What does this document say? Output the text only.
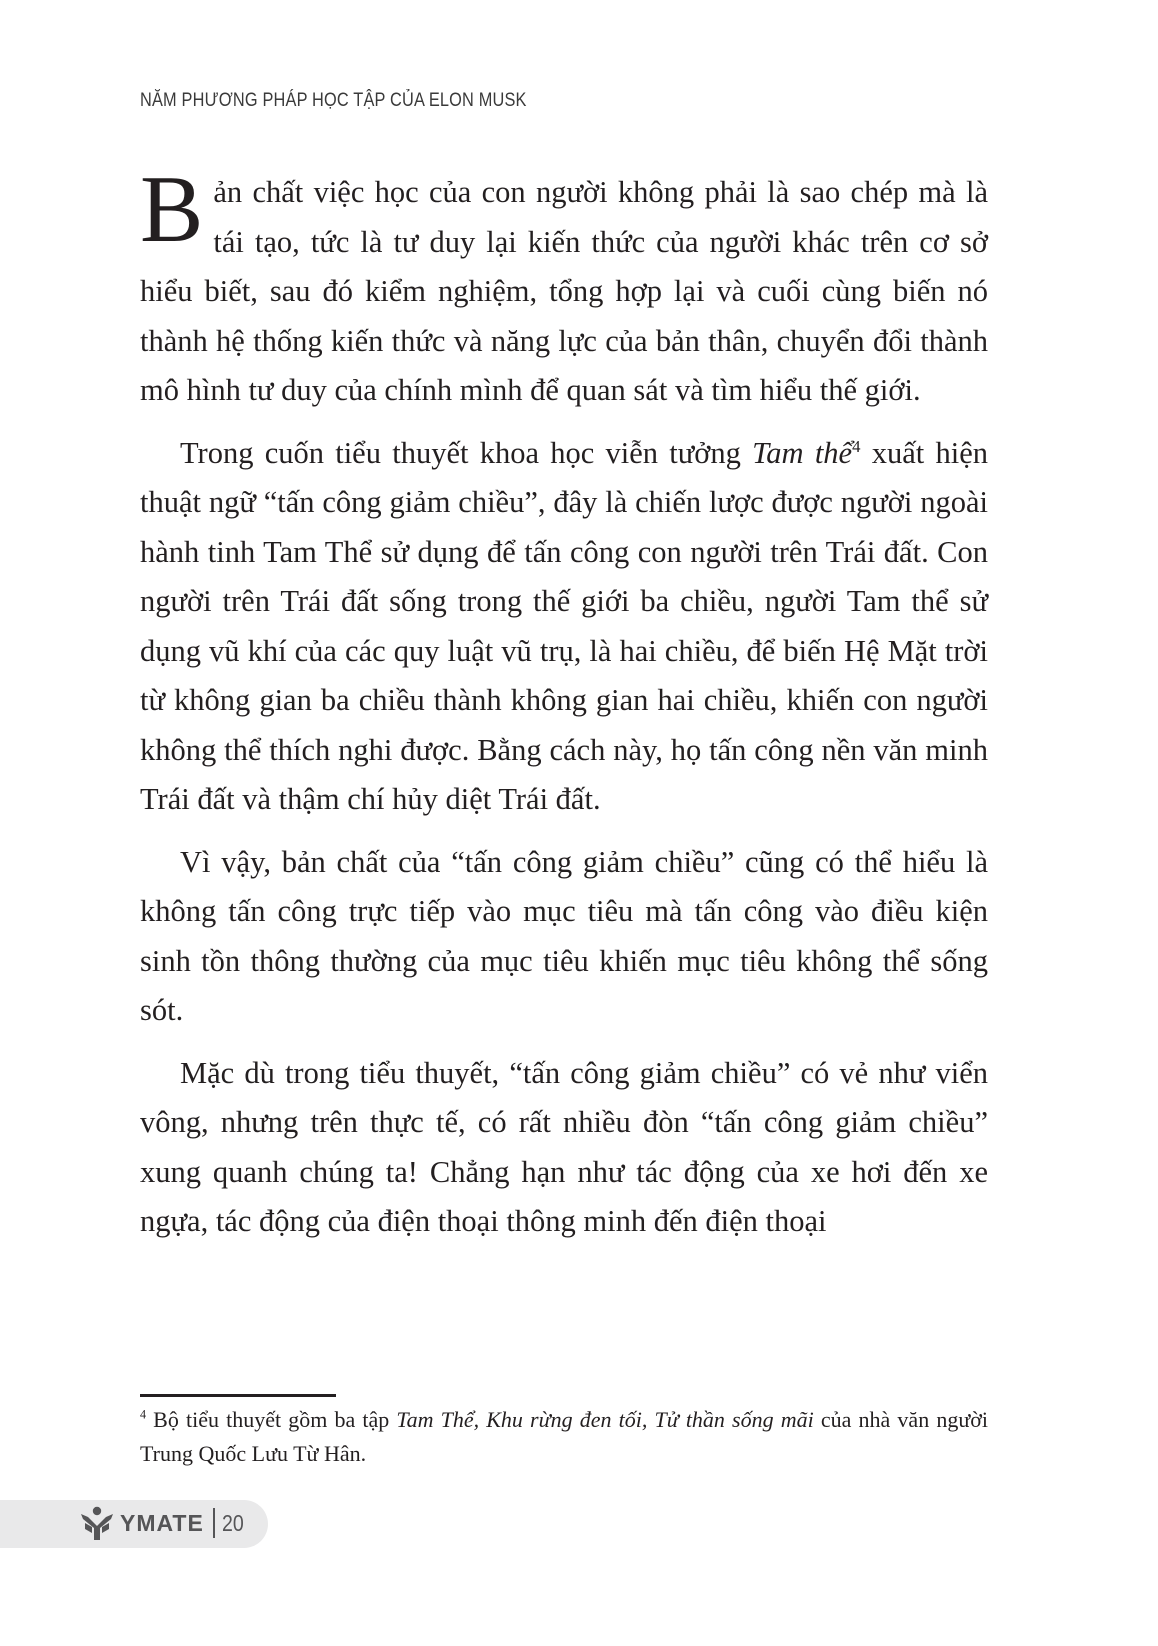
NĂM PHƯƠNG PHÁP HỌC TẬP CỦA ELON MUSK

Bản chất việc học của con người không phải là sao chép mà là tái tạo, tức là tư duy lại kiến thức của người khác trên cơ sở hiểu biết, sau đó kiểm nghiệm, tổng hợp lại và cuối cùng biến nó thành hệ thống kiến thức và năng lực của bản thân, chuyển đổi thành mô hình tư duy của chính mình để quan sát và tìm hiểu thế giới.

Trong cuốn tiểu thuyết khoa học viễn tưởng Tam thể$^4$ xuất hiện thuật ngữ “tấn công giảm chiều”, đây là chiến lược được người ngoài hành tinh Tam Thể sử dụng để tấn công con người trên Trái đất. Con người trên Trái đất sống trong thế giới ba chiều, người Tam thể sử dụng vũ khí của các quy luật vũ trụ, là hai chiều, để biến Hệ Mặt trời từ không gian ba chiều thành không gian hai chiều, khiến con người không thể thích nghi được. Bằng cách này, họ tấn công nền văn minh Trái đất và thậm chí hủy diệt Trái đất.

Vì vậy, bản chất của “tấn công giảm chiều” cũng có thể hiểu là không tấn công trực tiếp vào mục tiêu mà tấn công vào điều kiện sinh tồn thông thường của mục tiêu khiến mục tiêu không thể sống sót.

Mặc dù trong tiểu thuyết, “tấn công giảm chiều” có vẻ như viển vông, nhưng trên thực tế, có rất nhiều đòn “tấn công giảm chiều” xung quanh chúng ta! Chẳng hạn như tác động của xe hơi đến xe ngựa, tác động của điện thoại thông minh đến điện thoại

$^4$ Bộ tiểu thuyết gồm ba tập Tam Thể, Khu rừng đen tối, Tử thần sống mãi của nhà văn người Trung Quốc Lưu Từ Hân.

YMATE 20
